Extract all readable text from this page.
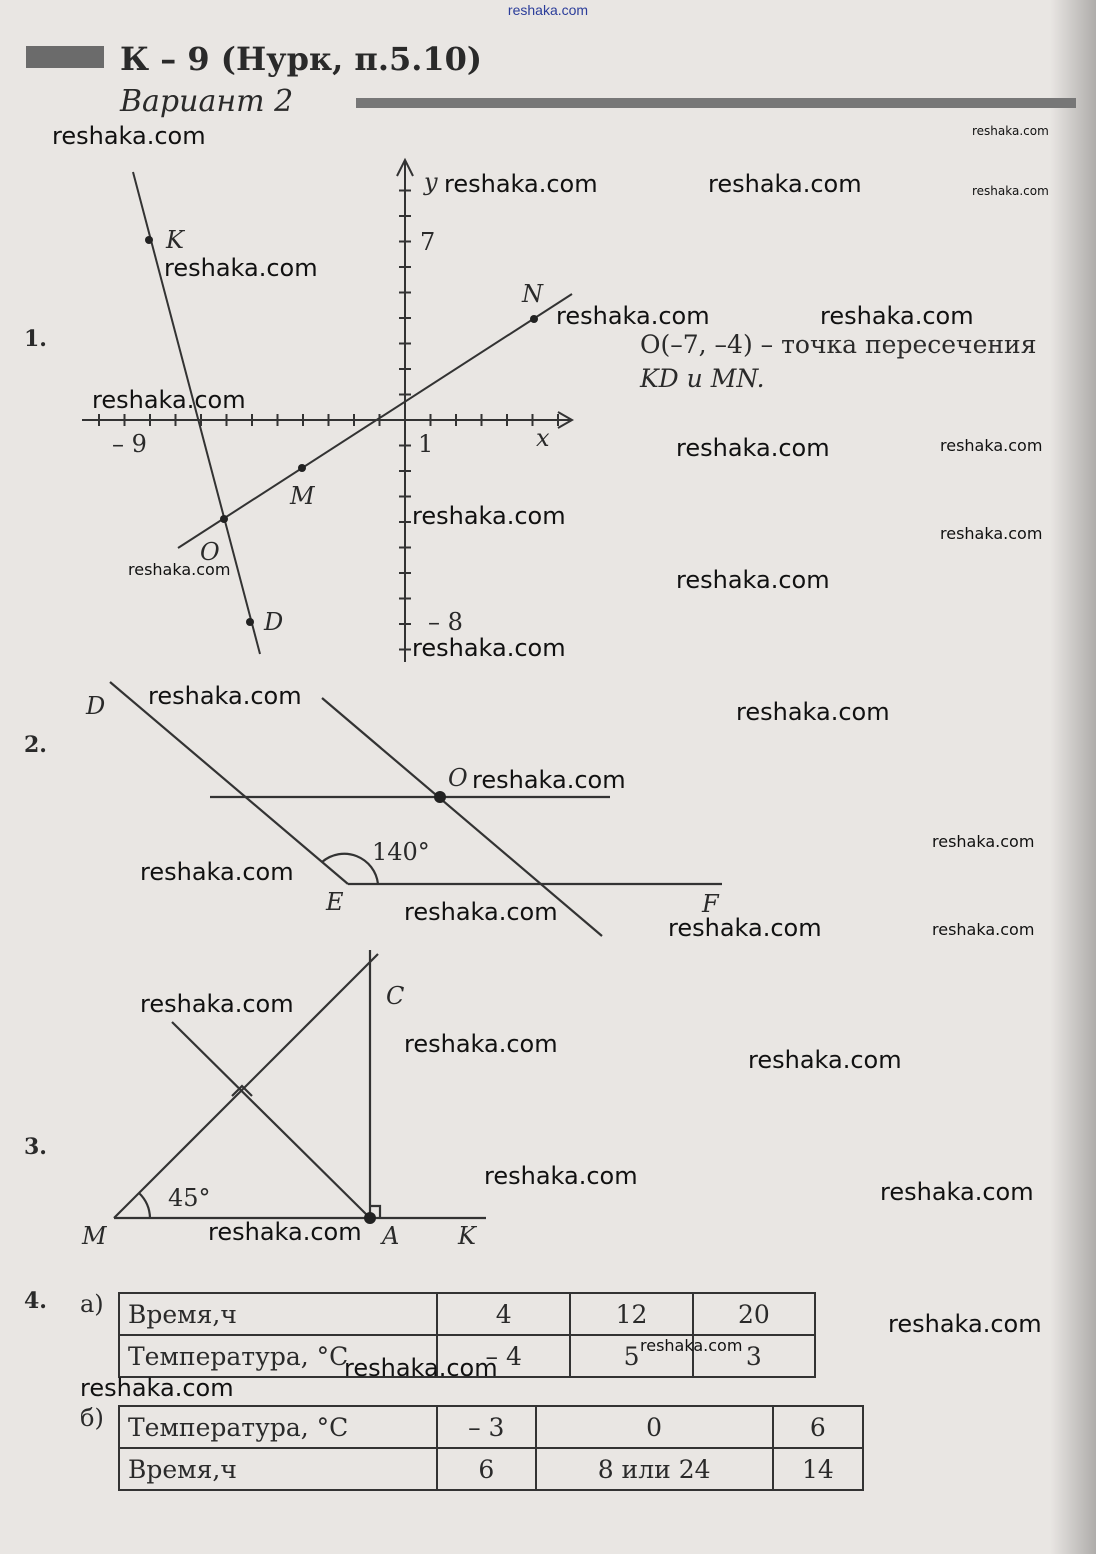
reshaka.com
К – 9 (Нурк, п.5.10)
Вариант 2
1.
2.
3.
4.
y
x
7
– 9	1
– 8
K
N
M
O
D
O(–7, –4) – точка пересечения
KD и MN.
D
O
140°
E	F
C
45°
M	A K
а) Время,ч	4	12	20
Температура, °С	– 4	5	3
б) Температура, °С	– 3	0	6
Время,ч	6	8 или 24	14
reshaka.com	reshaka.com
reshaka.com	reshaka.com	reshaka.com
reshaka.com
reshaka.com	reshaka.com
reshaka.com
reshaka.com	reshaka.com
reshaka.com
reshaka.com
reshaka.com	reshaka.com
reshaka.com
reshaka.com
reshaka.com
reshaka.com
reshaka.com
reshaka.com
reshaka.com
reshaka.com	reshaka.com
reshaka.com
reshaka.com
reshaka.com
reshaka.com
reshaka.com
reshaka.com
reshaka.com
reshaka.com
reshaka.com
reshaka.com
